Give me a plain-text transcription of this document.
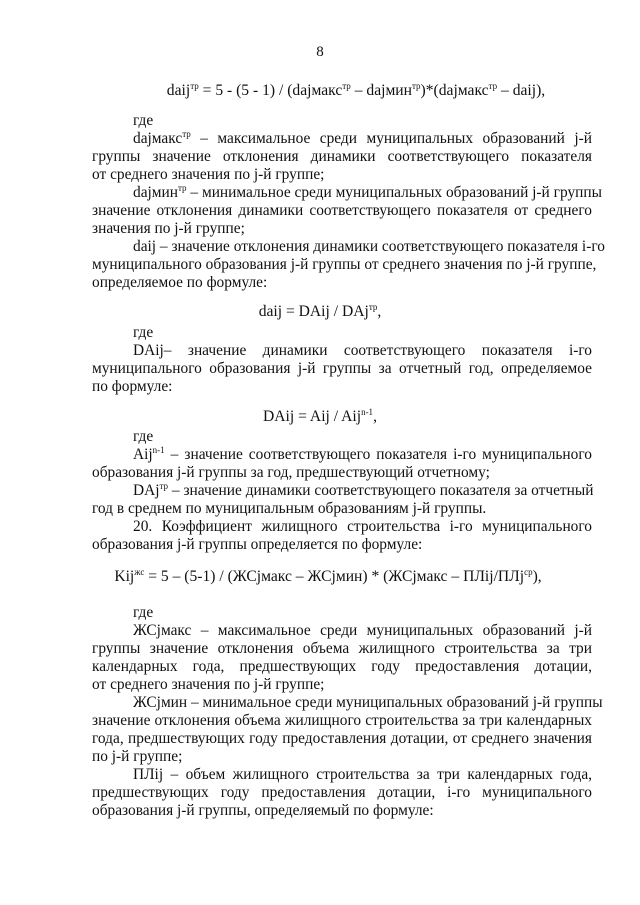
8
daij$^{тр}$ = 5 - (5 - 1) / (dajмакс$^{тр}$ – dajмин$^{тр}$)*(dajмакс$^{тр}$ – daij),
где
dajмакс$^{тр}$ – максимальное среди муниципальных образований j-й
группы значение отклонения динамики соответствующего показателя
от среднего значения по j-й группе;
dajмин$^{тр}$ – минимальное среди муниципальных образований j-й группы
значение отклонения динамики соответствующего показателя от среднего
значения по j-й группе;
daij – значение отклонения динамики соответствующего показателя i-го
муниципального образования j-й группы от среднего значения по j-й группе,
определяемое по формуле:
daij = DAij / DAj$^{тр}$,
где
DAij– значение динамики соответствующего показателя i-го
муниципального образования j-й группы за отчетный год, определяемое
по формуле:
DAij = Aij / Aij$^{n-1}$,
где
Aij$^{n-1}$ – значение соответствующего показателя i-го муниципального
образования j-й группы за год, предшествующий отчетному;
DAj$^{тр}$ – значение динамики соответствующего показателя за отчетный
год в среднем по муниципальным образованиям j-й группы.
20. Коэффициент жилищного строительства i-го муниципального
образования j-й группы определяется по формуле:
Kij$^{жс}$ = 5 – (5-1) / (ЖСjмакс – ЖСjмин) * (ЖСjмакс – ПЛij/ПЛj$^{ср}$),
где
ЖСjмакс – максимальное среди муниципальных образований j-й
группы значение отклонения объема жилищного строительства за три
календарных года, предшествующих году предоставления дотации,
от среднего значения по j-й группе;
ЖСjмин – минимальное среди муниципальных образований j-й группы
значение отклонения объема жилищного строительства за три календарных
года, предшествующих году предоставления дотации, от среднего значения
по j-й группе;
ПЛij – объем жилищного строительства за три календарных года,
предшествующих году предоставления дотации, i-го муниципального
образования j-й группы, определяемый по формуле:
